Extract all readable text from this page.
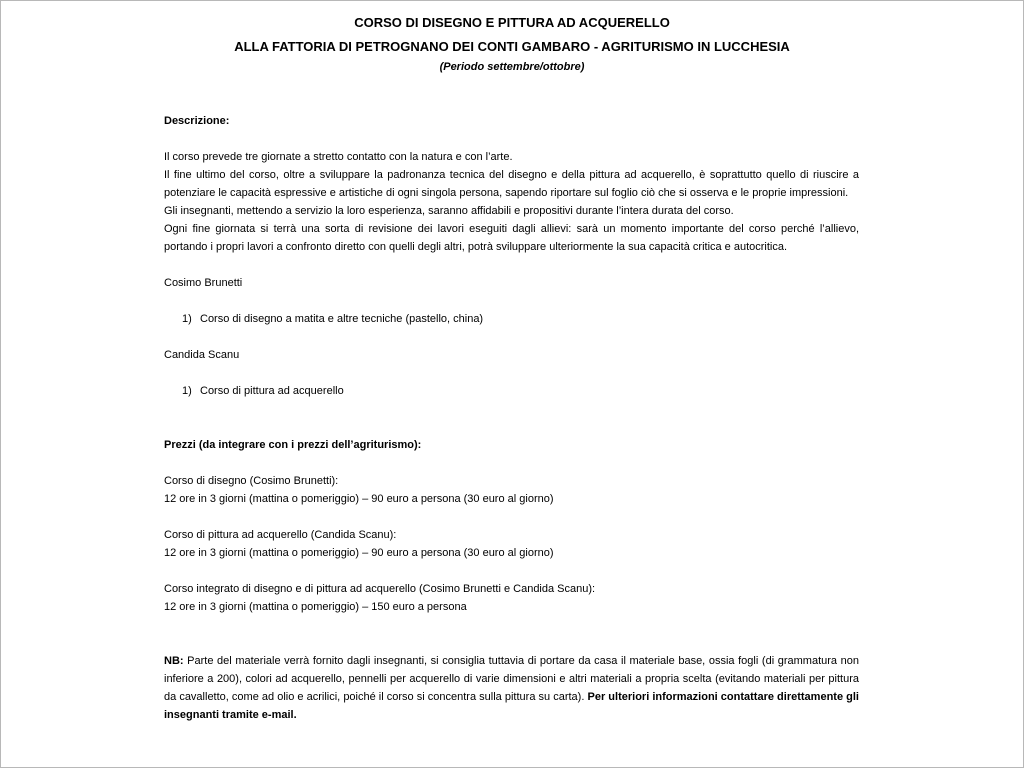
CORSO DI DISEGNO E PITTURA AD ACQUERELLO
ALLA FATTORIA DI PETROGNANO DEI CONTI GAMBARO - AGRITURISMO IN LUCCHESIA
(Periodo settembre/ottobre)
Descrizione:
Il corso prevede tre giornate a stretto contatto con la natura e con l’arte.
Il fine ultimo del corso, oltre a sviluppare la padronanza tecnica del disegno e della pittura ad acquerello, è soprattutto quello di riuscire a potenziare le capacità espressive e artistiche di ogni singola persona, sapendo riportare sul foglio ciò che si osserva e le proprie impressioni.
Gli insegnanti, mettendo a servizio la loro esperienza, saranno affidabili e propositivi durante l’intera durata del corso.
Ogni fine giornata si terrà una sorta di revisione dei lavori eseguiti dagli allievi: sarà un momento importante del corso perché l’allievo, portando i propri lavori a confronto diretto con quelli degli altri, potrà sviluppare ulteriormente la sua capacità critica e autocritica.
Cosimo Brunetti
1) Corso di disegno a matita e altre tecniche (pastello, china)
Candida Scanu
1) Corso di pittura ad acquerello
Prezzi (da integrare con i prezzi dell’agriturismo):
Corso di disegno (Cosimo Brunetti):
12 ore in 3 giorni (mattina o pomeriggio) – 90 euro a persona (30 euro al giorno)
Corso di pittura ad acquerello (Candida Scanu):
12 ore in 3 giorni (mattina o pomeriggio) – 90 euro a persona (30 euro al giorno)
Corso integrato di disegno e di pittura ad acquerello (Cosimo Brunetti e Candida Scanu):
12 ore in 3 giorni (mattina o pomeriggio) – 150 euro a persona
NB: Parte del materiale verrà fornito dagli insegnanti, si consiglia tuttavia di portare da casa il materiale base, ossia fogli (di grammatura non inferiore a 200), colori ad acquerello, pennelli per acquerello di varie dimensioni e altri materiali a propria scelta (evitando materiali per pittura da cavalletto, come ad olio e acrilici, poiché il corso si concentra sulla pittura su carta). Per ulteriori informazioni contattare direttamente gli insegnanti tramite e-mail.
